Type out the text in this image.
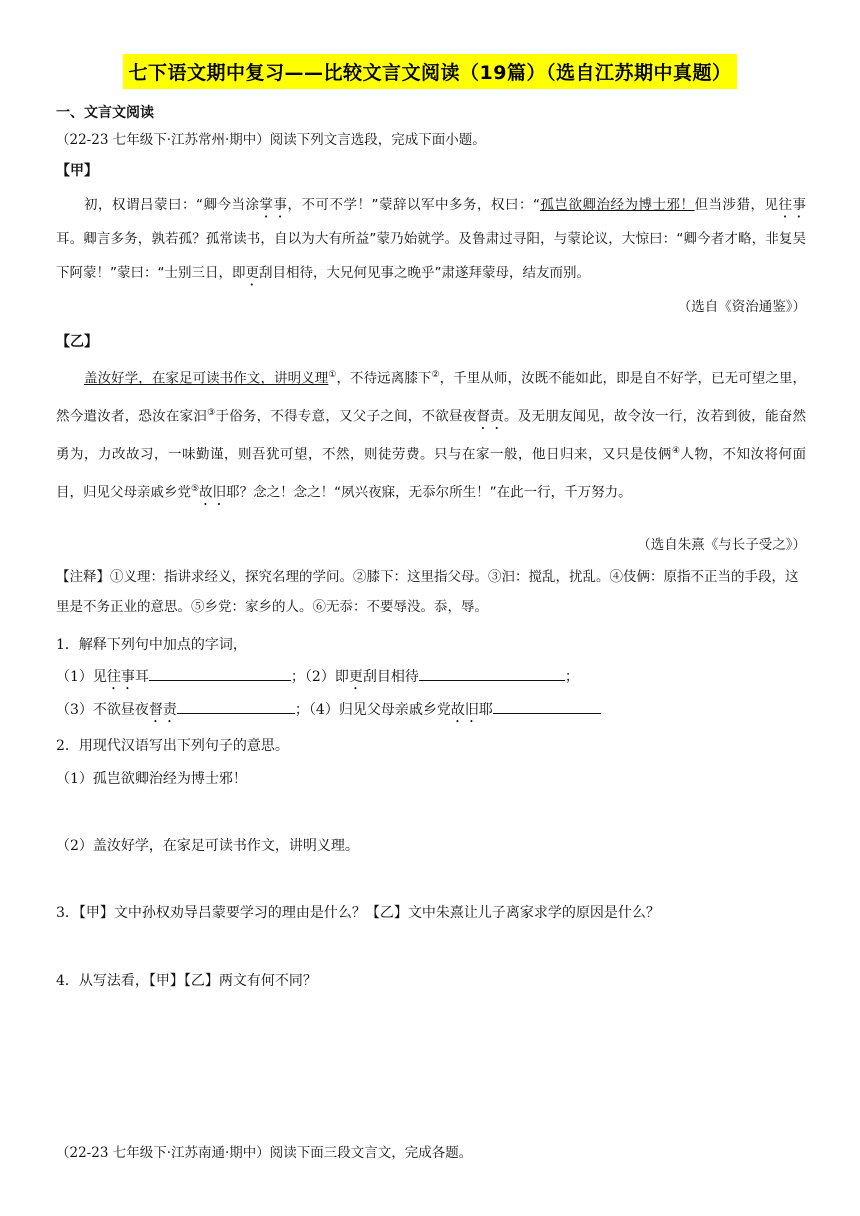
七下语文期中复习——比较文言文阅读（19篇）（选自江苏期中真题）
一、文言文阅读
（22-23 七年级下·江苏常州·期中）阅读下列文言选段，完成下面小题。
【甲】
初，权谓吕蒙曰：“卿今当涂掌事，不可不学！”蒙辞以军中多务，权曰：“孤岂欲卿治经为博士邪！但当涉猎，见往事耳。卿言多务，孰若孤？孤常读书，自以为大有所益”蒙乃始就学。及鲁肃过寻阳，与蒙论议，大惊曰：“卿今者才略，非复吴下阿蒙！”蒙曰：“士别三日，即更刮目相待，大兄何见事之晚乎”肃遂拜蒙母，结友而别。
（选自《资治通鉴》）
【乙】
盖汝好学，在家足可读书作文，讲明义理①，不待远离膝下②，千里从师，汝既不能如此，即是自不好学，已无可望之里，然今遣汝者，恐汝在家汩③于俗务，不得专意，又父子之间，不欲昼夜督责。及无朋友闻见，故令汝一行，汝若到彼，能奋然勇为，力改故习，一味勤谨，则吾犹可望，不然，则徒劳费。只与在家一般，他日归来，又只是伎俩④人物，不知汝将何面目，归见父母亲戚乡党⑤故旧耶？念之！念之！“夙兴夜寐，无忝尔所生！”在此一行，千万努力。
（选自朱熹《与长子受之》）
【注释】①义理：指讲求经义，探究名理的学问。②膝下：这里指父母。③汩：搅乱，扰乱。④伎俩：原指不正当的手段，这里是不务正业的意思。⑤乡党：家乡的人。⑥无忝：不要辱没。忝，辱。
1．解释下列句中加点的字词，
（1）见往事耳	；（2）即更刮目相待	；
（3）不欲昼夜督责	；（4）归见父母亲戚乡党故旧耶
2．用现代汉语写出下列句子的意思。
（1）孤岂欲卿治经为博士邪！
（2）盖汝好学，在家足可读书作文，讲明义理。
3．【甲】文中孙权劝导吕蒙要学习的理由是什么？【乙】文中朱熹让儿子离家求学的原因是什么？
4．从写法看，【甲】【乙】两文有何不同？
（22-23 七年级下·江苏南通·期中）阅读下面三段文言文，完成各题。
